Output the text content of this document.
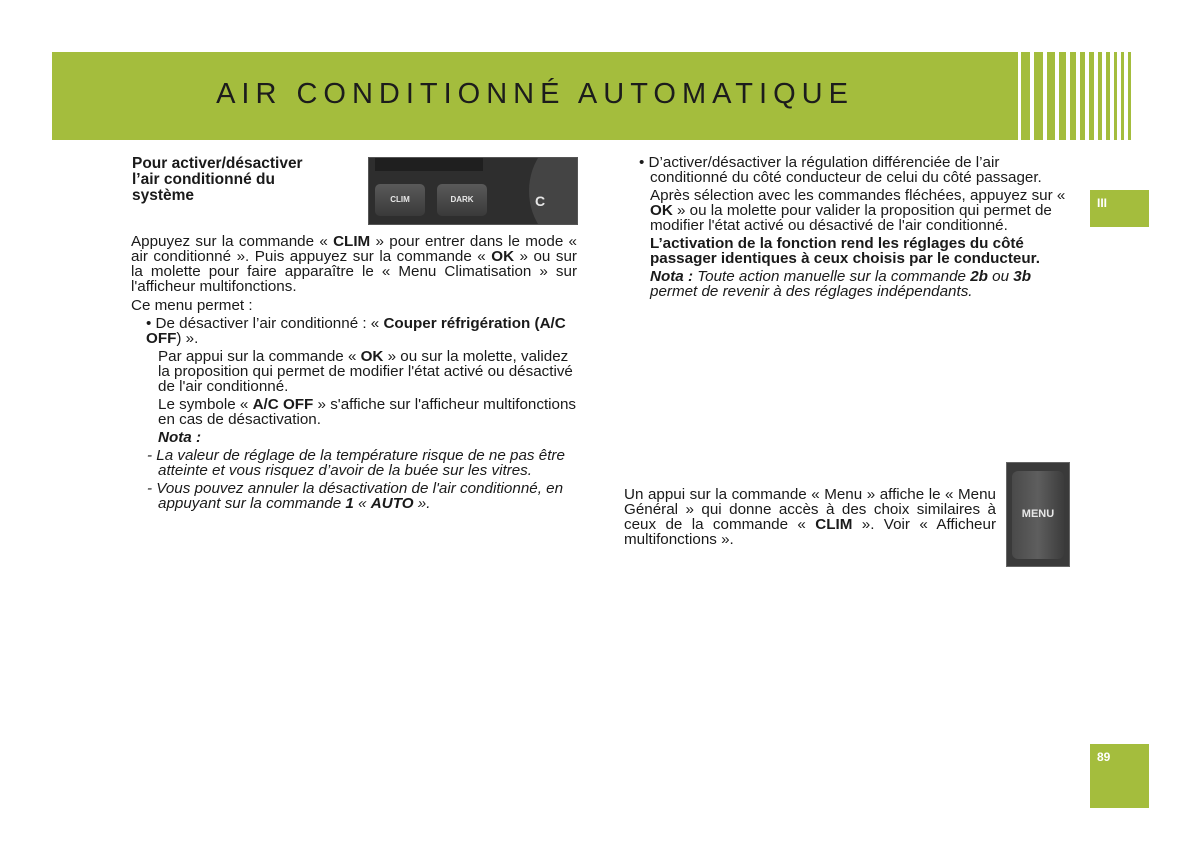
AIR CONDITIONNÉ AUTOMATIQUE
III
89

Pour activer/désactiver

l’air conditionné du

système	CLIM	DARK	C

Appuyez sur la commande « CLIM » pour entrer dans le mode « air conditionné ». Puis appuyez sur la commande « OK » ou sur la molette pour faire apparaître le « Menu Climatisation » sur l'afficheur multifonctions.

Ce menu permet :

• De désactiver l’air conditionné : « Couper réfrigération (A/C OFF) ».

Par appui sur la commande « OK » ou sur la molette, validez la proposition qui permet de modifier l'état activé ou désactivé de l'air conditionné.

Le symbole « A/C OFF » s'affiche sur l'afficheur multifonctions en cas de désactivation.

Nota :

- La valeur de réglage de la température risque de ne pas être atteinte et vous risquez d’avoir de la buée sur les vitres.

- Vous pouvez annuler la désactivation de l'air conditionné, en appuyant sur la commande 1 « AUTO ».

• D’activer/désactiver la régulation différenciée de l’air conditionné du côté conducteur de celui du côté passager.

Après sélection avec les commandes fléchées, appuyez sur « OK » ou la molette pour valider la proposition qui permet de modifier l'état activé ou désactivé de l'air conditionné.

L’activation de la fonction rend les réglages du côté passager identiques à ceux choisis par le conducteur.

Nota : Toute action manuelle sur la commande 2b ou 3b permet de revenir à des réglages indépendants.

Un appui sur la commande « Menu » affiche le « Menu Général » qui donne accès à des choix similaires à ceux de la commande « CLIM ». Voir « Afficheur multifonctions ».

MENU
